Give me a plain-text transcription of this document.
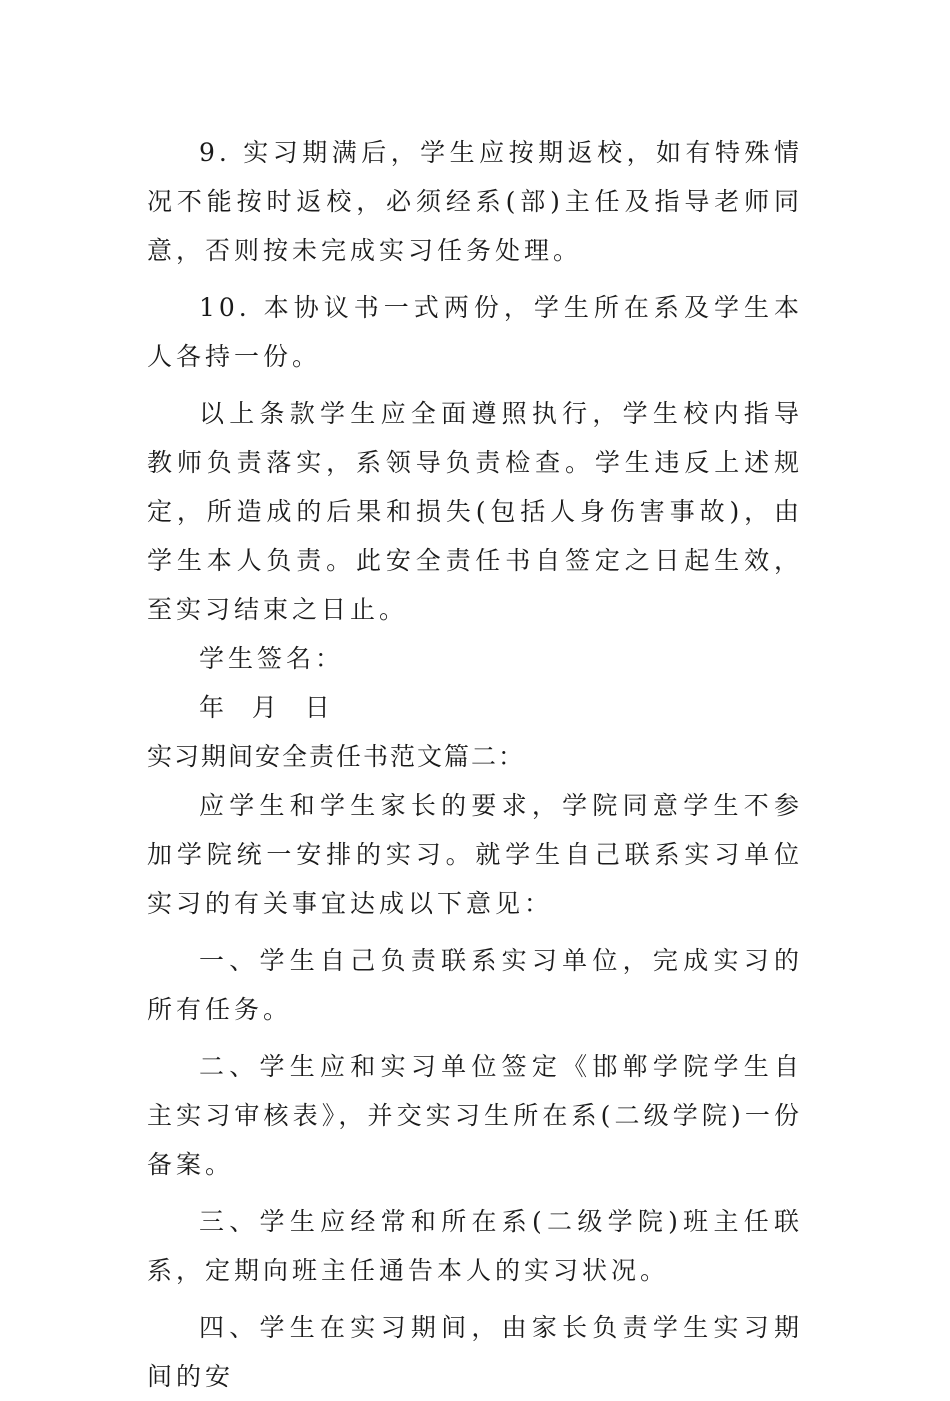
9. 实习期满后，学生应按期返校，如有特殊情况不能按时返校，必须经系(部)主任及指导老师同意，否则按未完成实习任务处理。

10. 本协议书一式两份，学生所在系及学生本人各持一份。

以上条款学生应全面遵照执行，学生校内指导教师负责落实，系领导负责检查。学生违反上述规定，所造成的后果和损失(包括人身伤害事故)，由学生本人负责。此安全责任书自签定之日起生效，至实习结束之日止。

学生签名：

年  月  日

实习期间安全责任书范文篇二：

应学生和学生家长的要求，学院同意学生不参加学院统一安排的实习。就学生自己联系实习单位实习的有关事宜达成以下意见：

一、学生自己负责联系实习单位，完成实习的所有任务。

二、学生应和实习单位签定《邯郸学院学生自主实习审核表》，并交实习生所在系(二级学院)一份备案。

三、学生应经常和所在系(二级学院)班主任联系，定期向班主任通告本人的实习状况。

四、学生在实习期间，由家长负责学生实习期间的安
